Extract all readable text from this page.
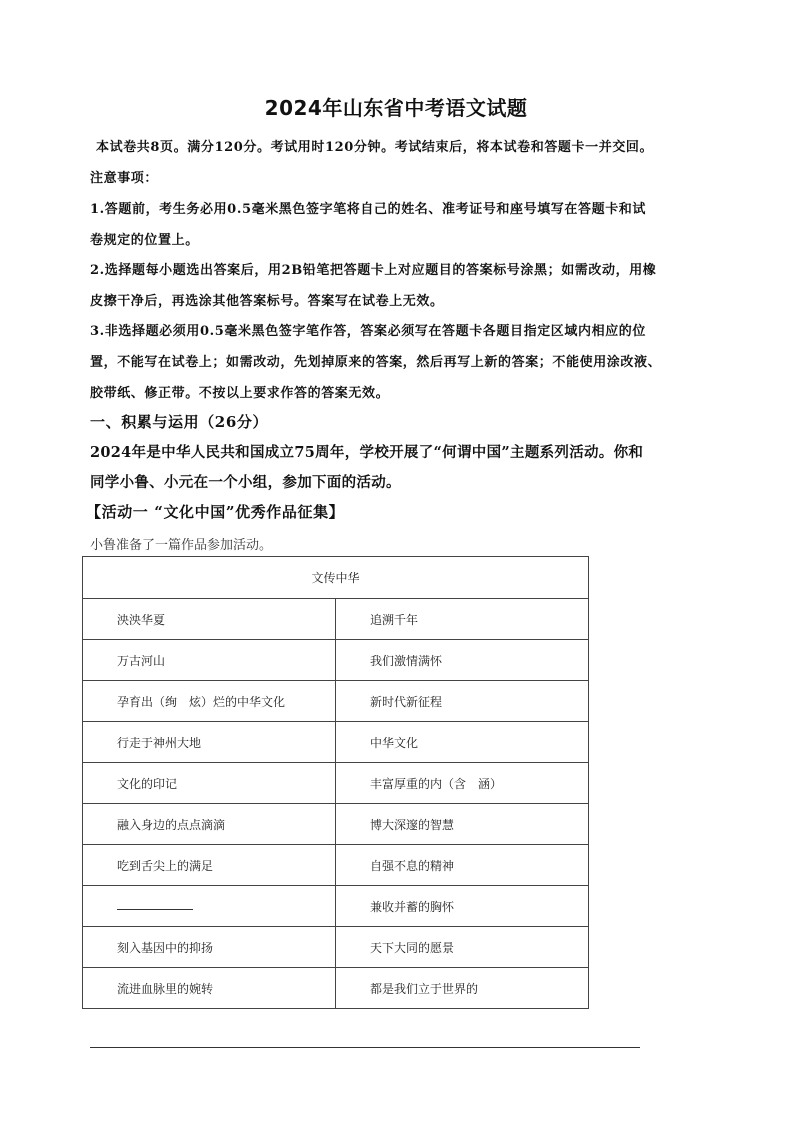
2024年山东省中考语文试题
本试卷共8页。满分120分。考试用时120分钟。考试结束后，将本试卷和答题卡一并交回。
注意事项：
1.答题前，考生务必用0.5毫米黑色签字笔将自己的姓名、准考证号和座号填写在答题卡和试
卷规定的位置上。
2.选择题每小题选出答案后，用2B铅笔把答题卡上对应题目的答案标号涂黑；如需改动，用橡
皮擦干净后，再选涂其他答案标号。答案写在试卷上无效。
3.非选择题必须用0.5毫米黑色签字笔作答，答案必须写在答题卡各题目指定区域内相应的位
置，不能写在试卷上；如需改动，先划掉原来的答案，然后再写上新的答案；不能使用涂改液、
胶带纸、修正带。不按以上要求作答的答案无效。
一、积累与运用（26分）
2024年是中华人民共和国成立75周年，学校开展了“何谓中国”主题系列活动。你和
同学小鲁、小元在一个小组，参加下面的活动。
【活动一 “文化中国”优秀作品征集】
小鲁准备了一篇作品参加活动。
文传中华	
泱泱华夏	追溯千年
万古河山	我们激情满怀
孕育出（绚　炫）烂的中华文化	新时代新征程
行走于神州大地	中华文化
文化的印记	丰富厚重的内（含　涵）
融入身边的点点滴滴	博大深邃的智慧
吃到舌尖上的满足	自强不息的精神
	兼收并蓄的胸怀
刻入基因中的抑扬	天下大同的愿景
流进血脉里的婉转	都是我们立于世界的
